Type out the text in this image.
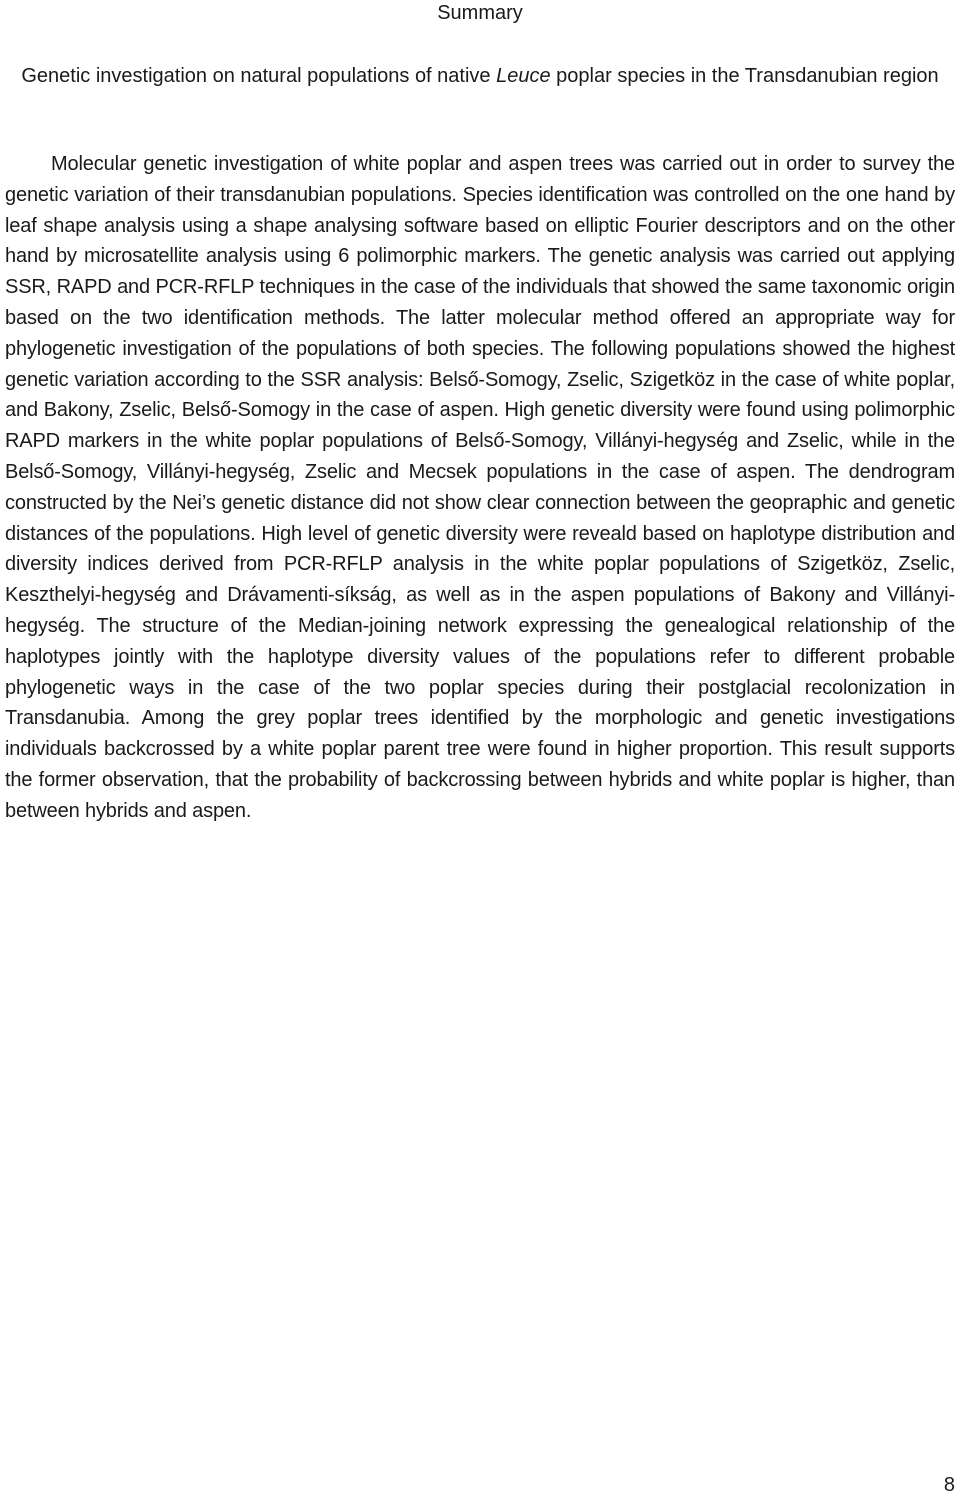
Summary
Genetic investigation on natural populations of native Leuce poplar species in the Transdanubian region
Molecular genetic investigation of white poplar and aspen trees was carried out in order to survey the genetic variation of their transdanubian populations. Species identification was controlled on the one hand by leaf shape analysis using a shape analysing software based on elliptic Fourier descriptors and on the other hand by microsatellite analysis using 6 polimorphic markers. The genetic analysis was carried out applying SSR, RAPD and PCR-RFLP techniques in the case of the individuals that showed the same taxonomic origin based on the two identification methods. The latter molecular method offered an appropriate way for phylogenetic investigation of the populations of both species. The following populations showed the highest genetic variation according to the SSR analysis: Belső-Somogy, Zselic, Szigetköz in the case of white poplar, and Bakony, Zselic, Belső-Somogy in the case of aspen. High genetic diversity were found using polimorphic RAPD markers in the white poplar populations of Belső-Somogy, Villányi-hegység and Zselic, while in the Belső-Somogy, Villányi-hegység, Zselic and Mecsek populations in the case of aspen. The dendrogram constructed by the Nei’s genetic distance did not show clear connection between the geopraphic and genetic distances of the populations. High level of genetic diversity were reveald based on haplotype distribution and diversity indices derived from PCR-RFLP analysis in the white poplar populations of Szigetköz, Zselic, Keszthelyi-hegység and Drávamenti-síkság, as well as in the aspen populations of Bakony and Villányi-hegység. The structure of the Median-joining network expressing the genealogical relationship of the haplotypes jointly with the haplotype diversity values of the populations refer to different probable phylogenetic ways in the case of the two poplar species during their postglacial recolonization in Transdanubia. Among the grey poplar trees identified by the morphologic and genetic investigations individuals backcrossed by a white poplar parent tree were found in higher proportion. This result supports the former observation, that the probability of backcrossing between hybrids and white poplar is higher, than between hybrids and aspen.
8
